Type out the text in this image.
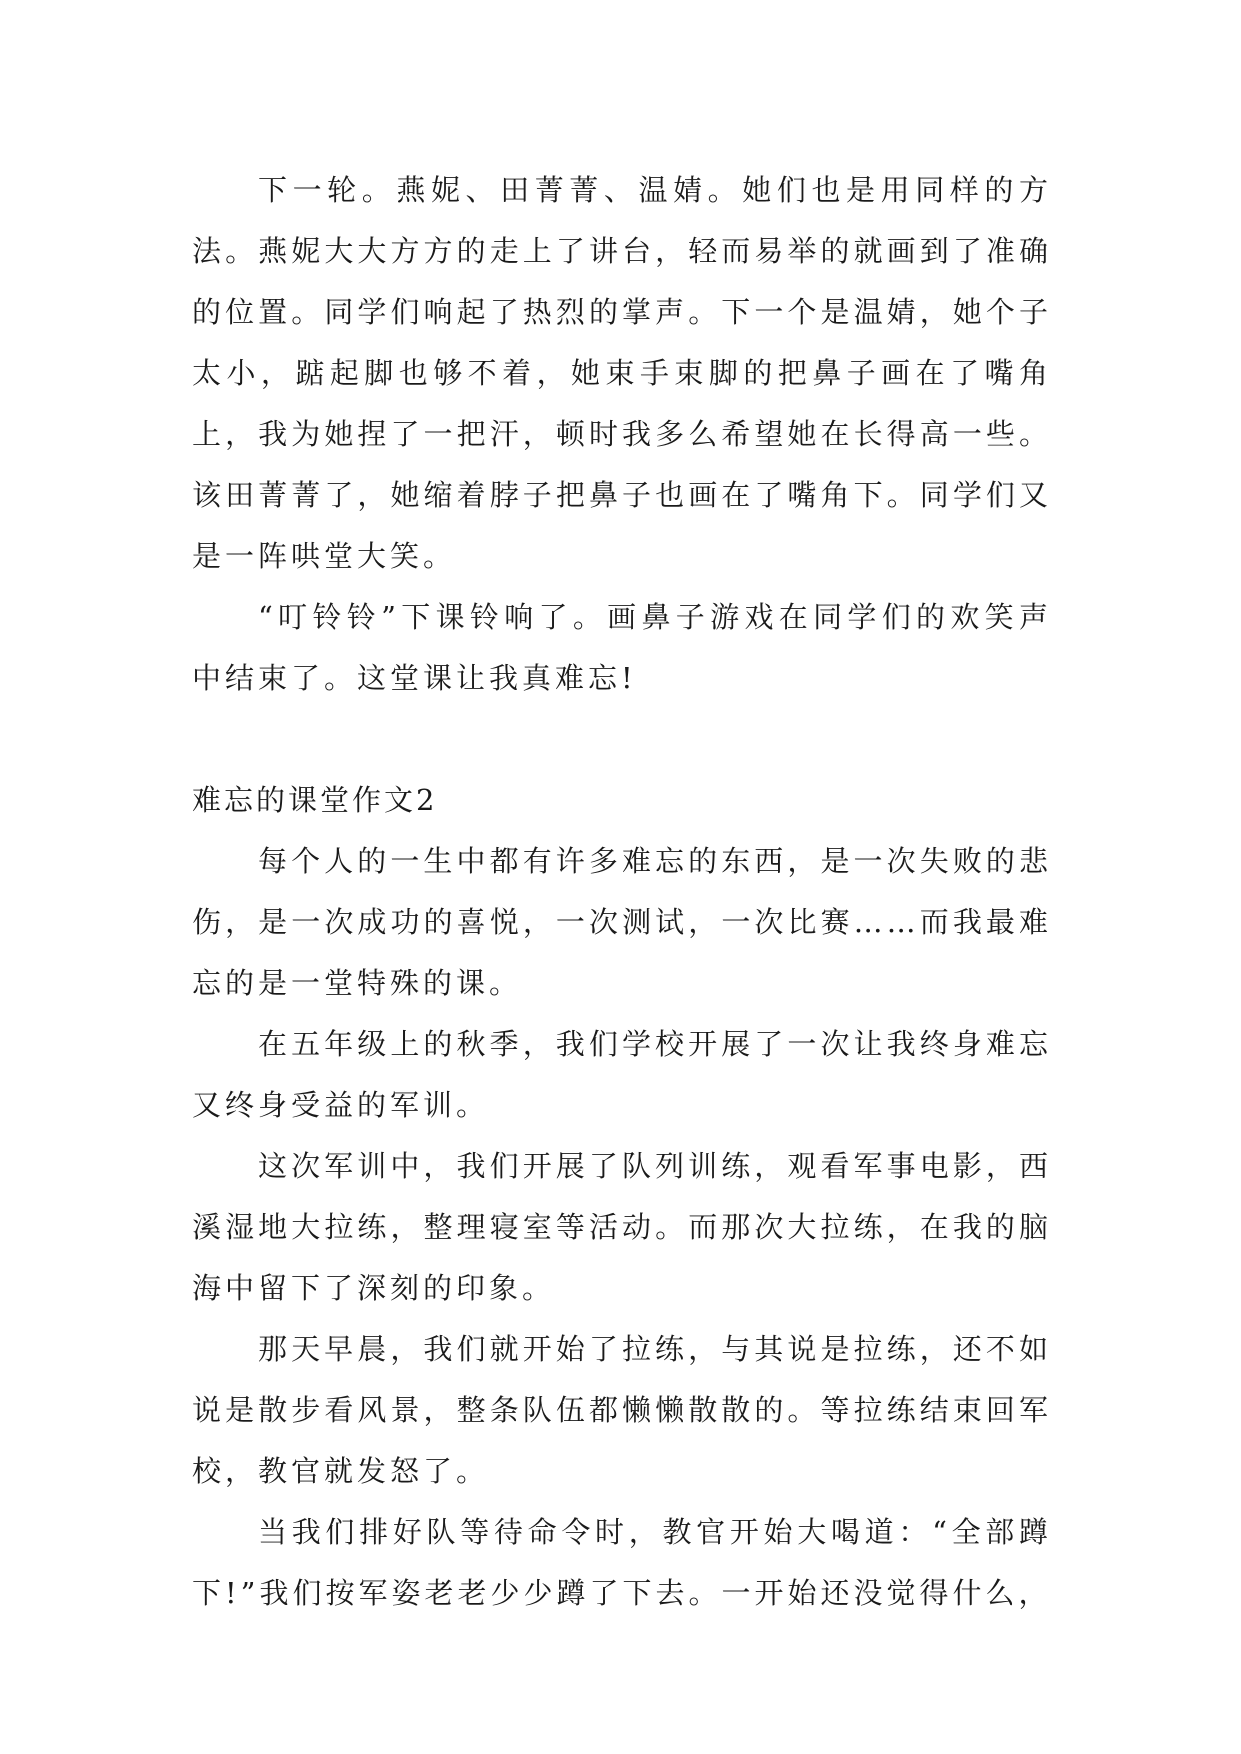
下一轮。燕妮、田菁菁、温婧。她们也是用同样的方法。燕妮大大方方的走上了讲台，轻而易举的就画到了准确的位置。同学们响起了热烈的掌声。下一个是温婧，她个子太小，踮起脚也够不着，她束手束脚的把鼻子画在了嘴角上，我为她捏了一把汗，顿时我多么希望她在长得高一些。该田菁菁了，她缩着脖子把鼻子也画在了嘴角下。同学们又是一阵哄堂大笑。

“叮铃铃”下课铃响了。画鼻子游戏在同学们的欢笑声中结束了。这堂课让我真难忘!

难忘的课堂作文2

每个人的一生中都有许多难忘的东西，是一次失败的悲伤，是一次成功的喜悦，一次测试，一次比赛……而我最难忘的是一堂特殊的课。

在五年级上的秋季，我们学校开展了一次让我终身难忘又终身受益的军训。

这次军训中，我们开展了队列训练，观看军事电影，西溪湿地大拉练，整理寝室等活动。而那次大拉练，在我的脑海中留下了深刻的印象。

那天早晨，我们就开始了拉练，与其说是拉练，还不如说是散步看风景，整条队伍都懒懒散散的。等拉练结束回军校，教官就发怒了。

当我们排好队等待命令时，教官开始大喝道：“全部蹲下!”我们按军姿老老少少蹲了下去。一开始还没觉得什么，
